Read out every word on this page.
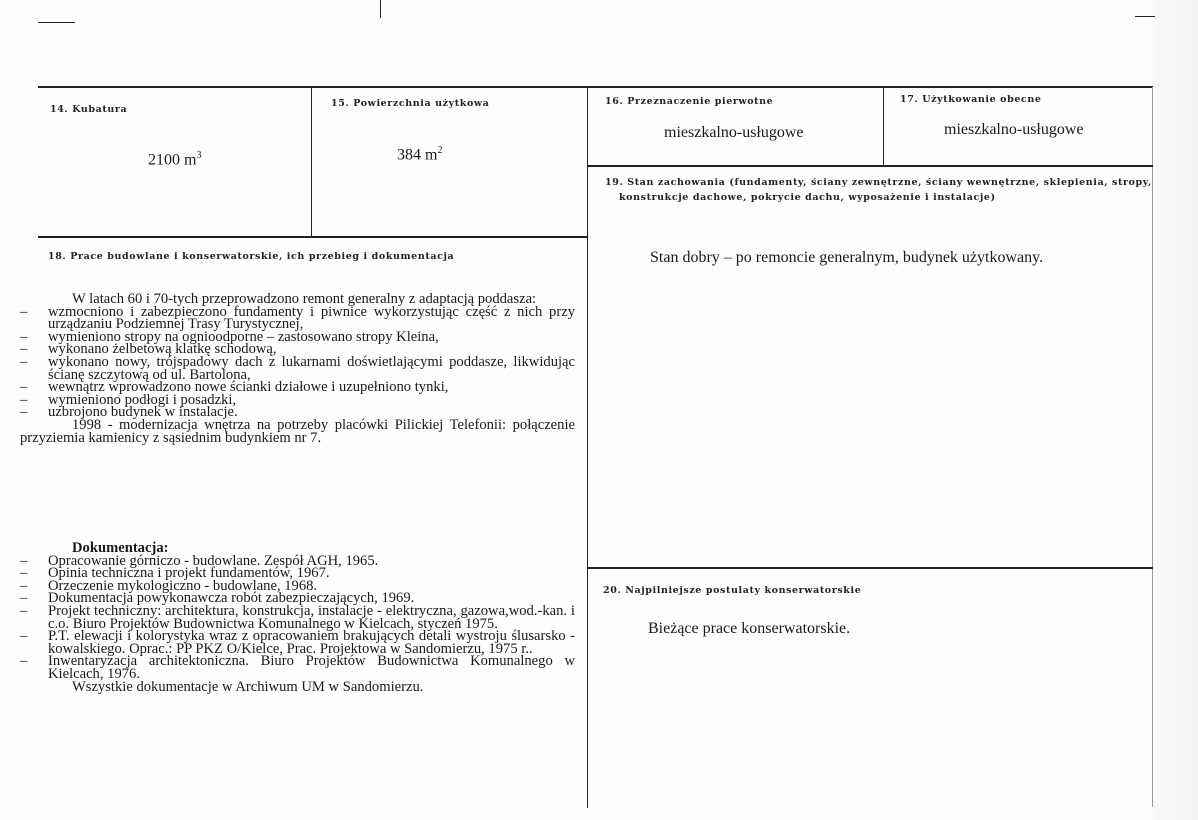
14. Kubatura
2100 $m^3$
15. Powierzchnia użytkowa
384 $m^2$
16. Przeznaczenie pierwotne
mieszkalno-usługowe
17. Użytkowanie obecne
mieszkalno-usługowe
19. Stan zachowania (fundamenty, ściany zewnętrzne, ściany wewnętrzne, sklepienia, stropy,
konstrukcje dachowe, pokrycie dachu, wyposażenie i instalacje)
Stan dobry – po remoncie generalnym, budynek użytkowany.
20. Najpilniejsze postulaty konserwatorskie
Bieżące prace konserwatorskie.
18. Prace budowlane i konserwatorskie, ich przebieg i dokumentacja

W latach 60 i 70-tych przeprowadzono remont generalny z adaptacją poddasza:

– wzmocniono i zabezpieczono fundamenty i piwnice wykorzystując część z nich przy urządzaniu Podziemnej Trasy Turystycznej,

– wymieniono stropy na ognioodporne – zastosowano stropy Kleina,

– wykonano żelbetową klatkę schodową,

– wykonano nowy, trójspadowy dach z lukarnami doświetlającymi poddasze, likwidując ścianę szczytową od ul. Bartolona,

– wewnątrz wprowadzono nowe ścianki działowe i uzupełniono tynki,

– wymieniono podłogi i posadzki,

– uzbrojono budynek w instalacje.

1998 - modernizacja wnętrza na potrzeby placówki Pilickiej Telefonii: połączenie przyziemia kamienicy z sąsiednim budynkiem nr 7.

Dokumentacja:

– Opracowanie górniczo - budowlane. Zespół AGH, 1965.

– Opinia techniczna i projekt fundamentów, 1967.

– Orzeczenie mykologiczno - budowlane, 1968.

– Dokumentacja powykonawcza robót zabezpieczających, 1969.

– Projekt techniczny: architektura, konstrukcja, instalacje - elektryczna, gazowa,wod.-kan. i c.o. Biuro Projektów Budownictwa Komunalnego w Kielcach, styczeń 1975.

– P.T. elewacji i kolorystyka wraz z opracowaniem brakujących detali wystroju ślusarsko - kowalskiego. Oprac.: PP PKZ O/Kielce, Prac. Projektowa w Sandomierzu, 1975 r..

– Inwentaryzacja architektoniczna. Biuro Projektów Budownictwa Komunalnego w Kielcach, 1976.

Wszystkie dokumentacje w Archiwum UM w Sandomierzu.
